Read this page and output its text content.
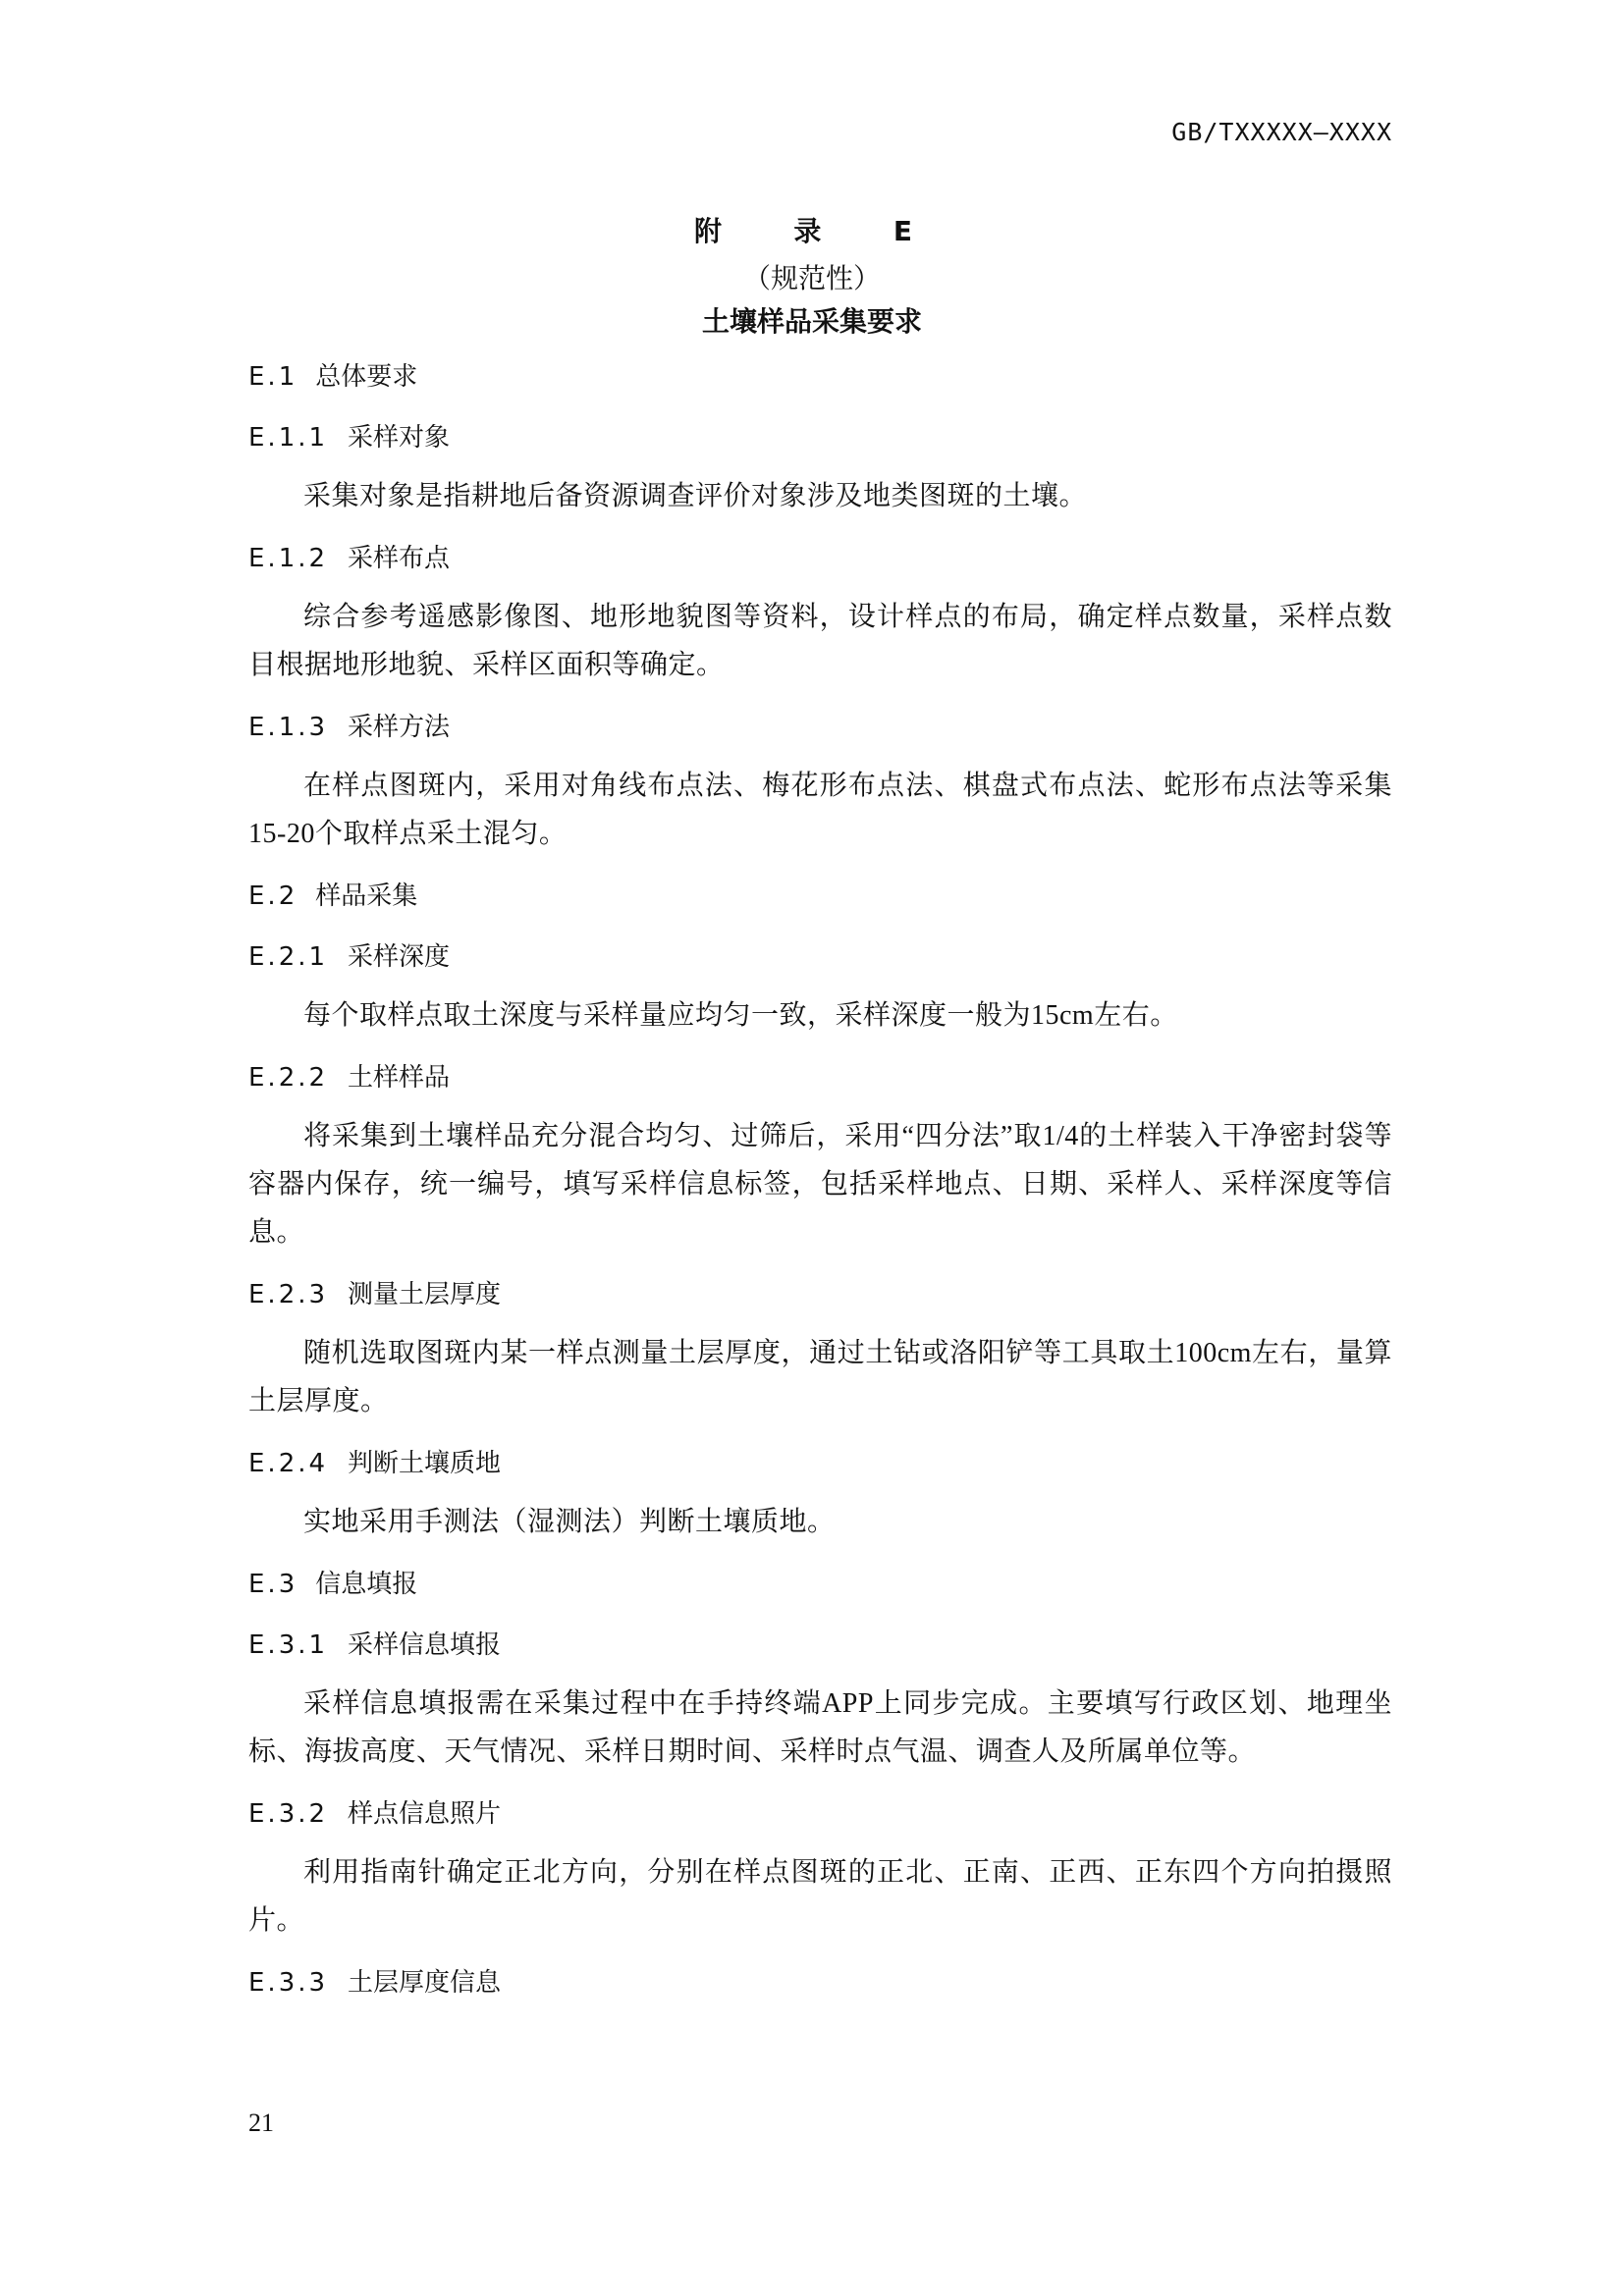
GB/TXXXXX—XXXX
附  录  E
（规范性）
土壤样品采集要求
E.1 总体要求
E.1.1 采样对象

采集对象是指耕地后备资源调查评价对象涉及地类图斑的土壤。

E.1.2 采样布点

综合参考遥感影像图、地形地貌图等资料，设计样点的布局，确定样点数量，采样点数目根据地形地貌、采样区面积等确定。

E.1.3 采样方法

在样点图斑内，采用对角线布点法、梅花形布点法、棋盘式布点法、蛇形布点法等采集15-20个取样点采土混匀。

E.2 样品采集
E.2.1 采样深度

每个取样点取土深度与采样量应均匀一致，采样深度一般为15cm左右。

E.2.2 土样样品

将采集到土壤样品充分混合均匀、过筛后，采用“四分法”取1/4的土样装入干净密封袋等容器内保存，统一编号，填写采样信息标签，包括采样地点、日期、采样人、采样深度等信息。

E.2.3 测量土层厚度

随机选取图斑内某一样点测量土层厚度，通过土钻或洛阳铲等工具取土100cm左右，量算土层厚度。

E.2.4 判断土壤质地

实地采用手测法（湿测法）判断土壤质地。

E.3 信息填报
E.3.1 采样信息填报

采样信息填报需在采集过程中在手持终端APP上同步完成。主要填写行政区划、地理坐标、海拔高度、天气情况、采样日期时间、采样时点气温、调查人及所属单位等。

E.3.2 样点信息照片

利用指南针确定正北方向，分别在样点图斑的正北、正南、正西、正东四个方向拍摄照片。

E.3.3 土层厚度信息
21
